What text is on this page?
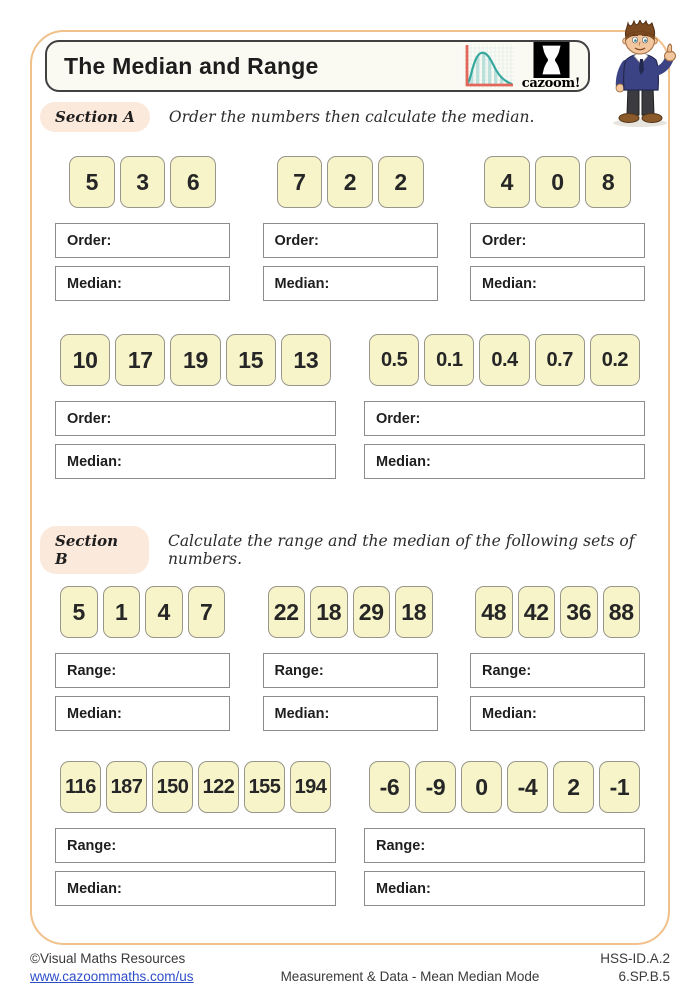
The Median and Range
cazoom!
Section A	Order the numbers then calculate the median.
5	3	6
Order:
Median:
7	2	2
Order:
Median:
4	0	8
Order:
Median:
10	17	19	15	13
Order:
Median:
0.5	0.1	0.4	0.7	0.2
Order:
Median:
Section B
Calculate the range and the median of the following sets of numbers.
5	1	4	7
Range:
Median:
22 18 29 18
Range:
Median:
48 42 36 88
Range:
Median:
116 187 150 122 155 194
Range:
Median:
-6	-9	0	-4	2	-1
Range:
Median:
©Visual Maths Resources
www.cazoommaths.com/us	Measurement & Data - Mean Median Mode
HSS-ID.A.2
6.SP.B.5
